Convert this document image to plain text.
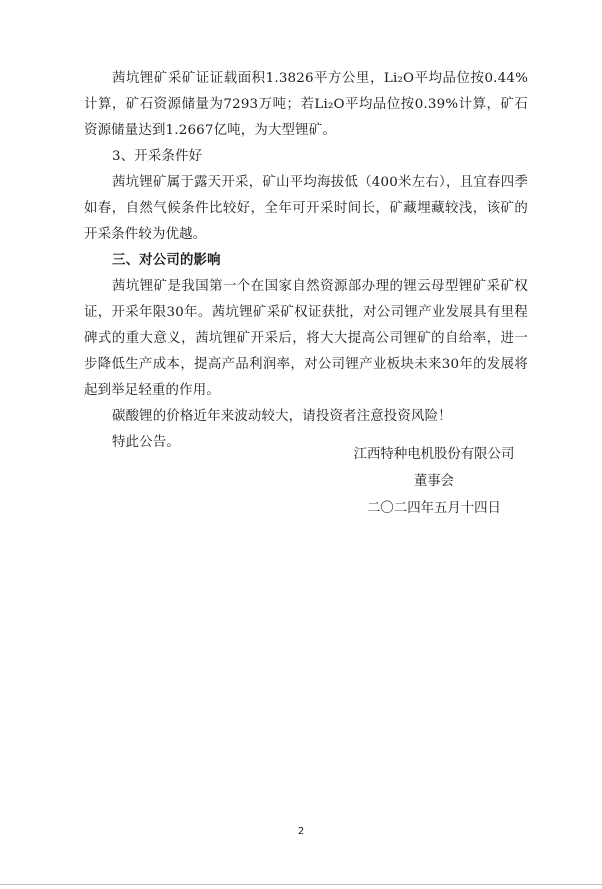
茜坑锂矿采矿证证载面积1.3826平方公里，Li₂O平均品位按0.44%计算，矿石资源储量为7293万吨；若Li₂O平均品位按0.39%计算，矿石资源储量达到1.2667亿吨，为大型锂矿。

3、开采条件好

茜坑锂矿属于露天开采，矿山平均海拔低（400米左右），且宜春四季如春，自然气候条件比较好，全年可开采时间长，矿藏埋藏较浅，该矿的开采条件较为优越。

三、对公司的影响

茜坑锂矿是我国第一个在国家自然资源部办理的锂云母型锂矿采矿权证，开采年限30年。茜坑锂矿采矿权证获批，对公司锂产业发展具有里程碑式的重大意义，茜坑锂矿开采后，将大大提高公司锂矿的自给率，进一步降低生产成本，提高产品利润率，对公司锂产业板块未来30年的发展将起到举足轻重的作用。

碳酸锂的价格近年来波动较大，请投资者注意投资风险！

特此公告。

江西特种电机股份有限公司
董事会
二〇二四年五月十四日
2
